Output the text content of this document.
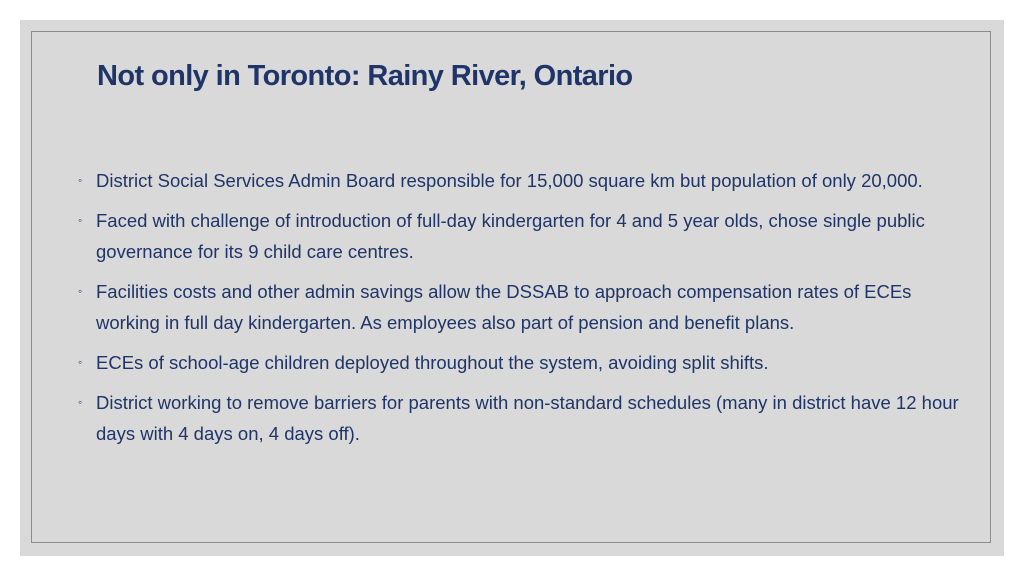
Not only in Toronto: Rainy River, Ontario
◦ District Social Services Admin Board responsible for 15,000 square km but population of only 20,000.
◦ Faced with challenge of introduction of full-day kindergarten for 4 and 5 year olds, chose single public governance for its 9 child care centres.
◦ Facilities costs and other admin savings allow the DSSAB to approach compensation rates of ECEs working in full day kindergarten. As employees also part of pension and benefit plans.
◦ ECEs of school-age children deployed throughout the system, avoiding split shifts.
◦ District working to remove barriers for parents with non-standard schedules (many in district have 12 hour days with 4 days on, 4 days off).
